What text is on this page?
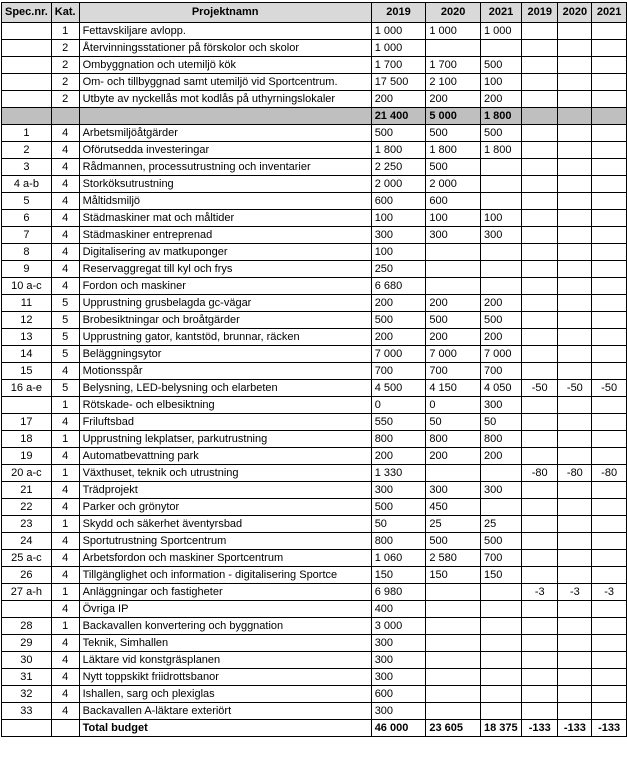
Spec.nr.	Kat.	Projektnamn	2019	2020	2021	2019	2020	2021
	1	Fettavskiljare avlopp.	1 000	1 000	1 000			
	2	Återvinningsstationer på förskolor och skolor	1 000					
	2	Ombyggnation och utemiljö kök	1 700	1 700	500			
	2	Om- och tillbyggnad samt utemiljö vid Sportcentrum.	17 500	2 100	100			
	2	Utbyte av nyckellås mot kodlås på uthyrningslokaler	200	200	200			
			21 400	5 000	1 800			
1	4	Arbetsmiljöåtgärder	500	500	500			
2	4	Oförutsedda investeringar	1 800	1 800	1 800			
3	4	Rådmannen, processutrustning och inventarier	2 250	500				
4 a-b	4	Storköksutrustning	2 000	2 000				
5	4	Måltidsmiljö	600	600				
6	4	Städmaskiner mat och måltider	100	100	100			
7	4	Städmaskiner entreprenad	300	300	300			
8	4	Digitalisering av matkuponger	100					
9	4	Reservaggregat till kyl och frys	250					
10 a-c	4	Fordon och maskiner	6 680					
11	5	Upprustning grusbelagda gc-vägar	200	200	200			
12	5	Brobesiktningar och broåtgärder	500	500	500			
13	5	Upprustning gator, kantstöd, brunnar, räcken	200	200	200			
14	5	Beläggningsytor	7 000	7 000	7 000			
15	4	Motionsspår	700	700	700			
16 a-e	5	Belysning, LED-belysning och elarbeten	4 500	4 150	4 050	-50	-50	-50
	1	Rötskade- och elbesiktning	0	0	300			
17	4	Friluftsbad	550	50	50			
18	1	Upprustning lekplatser, parkutrustning	800	800	800			
19	4	Automatbevattning park	200	200	200			
20 a-c	1	Växthuset, teknik och utrustning	1 330			-80	-80	-80
21	4	Trädprojekt	300	300	300			
22	4	Parker och grönytor	500	450				
23	1	Skydd och säkerhet äventyrsbad	50	25	25			
24	4	Sportutrustning Sportcentrum	800	500	500			
25 a-c	4	Arbetsfordon och maskiner Sportcentrum	1 060	2 580	700			
26	4	Tillgänglighet och information - digitalisering Sportce	150	150	150			
27 a-h	1	Anläggningar och fastigheter	6 980			-3	-3	-3
	4	Övriga IP	400					
28	1	Backavallen konvertering och byggnation	3 000					
29	4	Teknik, Simhallen	300					
30	4	Läktare vid konstgräsplanen	300					
31	4	Nytt toppskikt friidrottsbanor	300					
32	4	Ishallen, sarg och plexiglas	600					
33	4	Backavallen A-läktare exteriört	300					
		Total budget	46 000	23 605	18 375	-133	-133	-133
